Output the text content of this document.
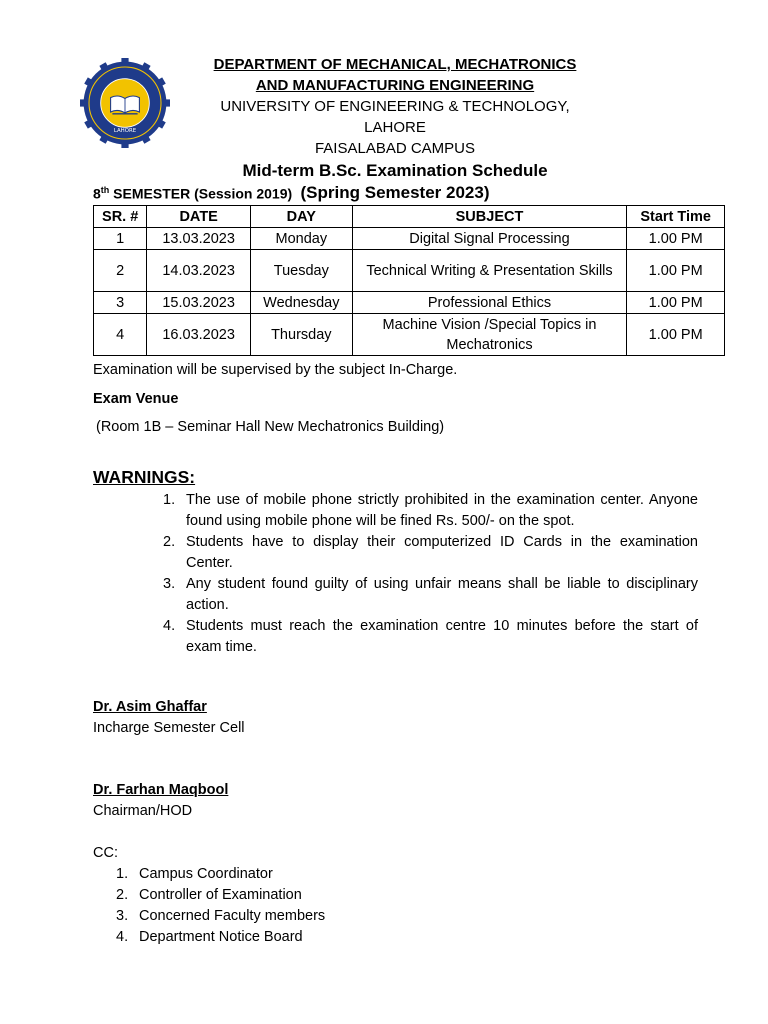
LAHORE
DEPARTMENT OF MECHANICAL, MECHATRONICS
AND MANUFACTURING ENGINEERING
UNIVERSITY OF ENGINEERING & TECHNOLOGY, LAHORE
FAISALABAD CAMPUS
Mid-term B.Sc. Examination Schedule
(Spring Semester 2023)
8th SEMESTER (Session 2019)
SR. #	DATE	DAY	SUBJECT	Start Time
1	13.03.2023	Monday	Digital Signal Processing	1.00 PM
2	14.03.2023	Tuesday	Technical Writing & Presentation Skills	1.00 PM
3	15.03.2023	Wednesday	Professional Ethics	1.00 PM
4	16.03.2023	Thursday	Machine Vision /Special Topics in Mechatronics	1.00 PM
Examination will be supervised by the subject In-Charge.
Exam Venue
(Room 1B – Seminar Hall New Mechatronics Building)
WARNINGS:
1. The use of mobile phone strictly prohibited in the examination center. Anyone found using mobile phone will be fined Rs. 500/- on the spot.
2. Students have to display their computerized ID Cards in the examination Center.
3. Any student found guilty of using unfair means shall be liable to disciplinary action.
4. Students must reach the examination centre 10 minutes before the start of exam time.
Dr. Asim Ghaffar
Incharge Semester Cell
Dr. Farhan Maqbool
Chairman/HOD
CC:
1. Campus Coordinator
2. Controller of Examination
3. Concerned Faculty members
4. Department Notice Board
